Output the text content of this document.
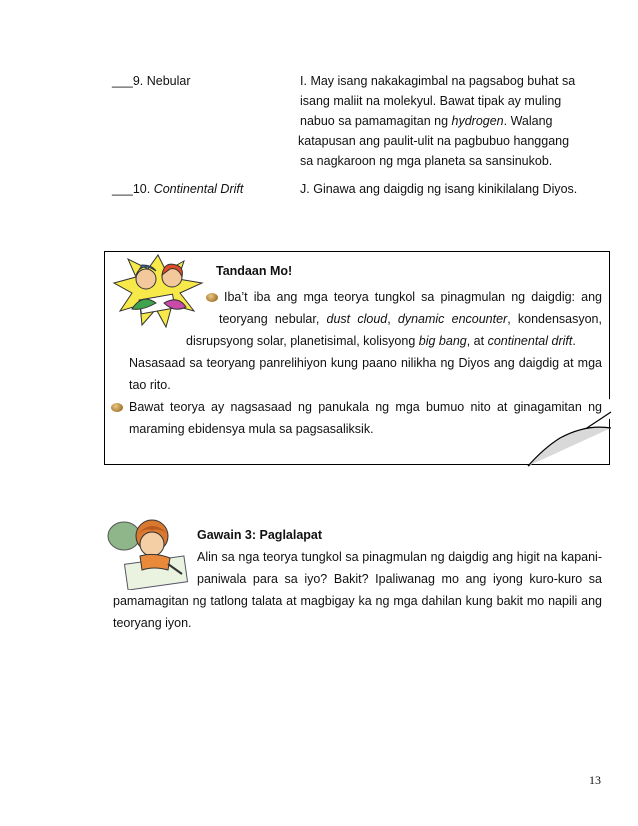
___9. Nebular	I. May isang nakakagimbal na pagsabog buhat sa
isang maliit na molekyul. Bawat tipak ay muling
nabuo sa pamamagitan ng hydrogen. Walang
katapusan ang paulit-ulit na pagbubuo hanggang
sa nagkaroon ng mga planeta sa sansinukob.
___10. Continental Drift	J. Ginawa ang daigdig ng isang kinikilalang Diyos.
Tandaan Mo!
Iba’t iba ang mga teorya tungkol sa pinagmulan ng daigdig: ang
teoryang nebular, dust cloud, dynamic encounter, kondensasyon,
disrupsyong solar, planetisimal, kolisyong big bang, at continental drift.
Nasasaad sa teoryang panrelihiyon kung paano nilikha ng Diyos ang daigdig at mga
tao rito.
Bawat teorya ay nagsasaad ng panukala ng mga bumuo nito at ginagamitan ng
maraming ebidensya mula sa pagsasaliksik.
Gawain 3: Paglalapat
Alin sa nga teorya tungkol sa pinagmulan ng daigdig ang higit na kapani-
paniwala para sa iyo? Bakit? Ipaliwanag mo ang iyong kuro-kuro sa
pamamagitan ng tatlong talata at magbigay ka ng mga dahilan kung bakit mo napili ang
teoryang iyon.
13
